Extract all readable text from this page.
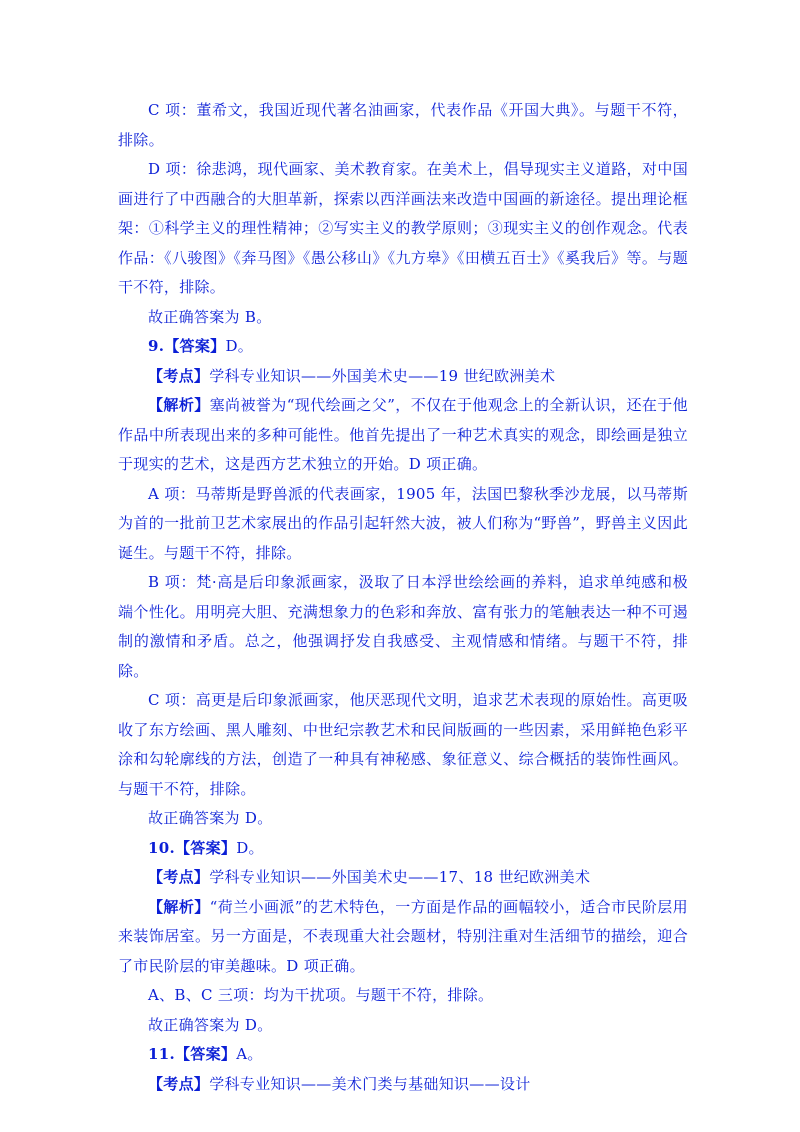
C 项：董希文，我国近现代著名油画家，代表作品《开国大典》。与题干不符，排除。

D 项：徐悲鸿，现代画家、美术教育家。在美术上，倡导现实主义道路，对中国画进行了中西融合的大胆革新，探索以西洋画法来改造中国画的新途径。提出理论框架：①科学主义的理性精神；②写实主义的教学原则；③现实主义的创作观念。代表作品：《八骏图》《奔马图》《愚公移山》《九方皋》《田横五百士》《奚我后》等。与题干不符，排除。

故正确答案为 B。

9.【答案】D。

【考点】学科专业知识——外国美术史——19 世纪欧洲美术

【解析】塞尚被誉为“现代绘画之父”，不仅在于他观念上的全新认识，还在于他作品中所表现出来的多种可能性。他首先提出了一种艺术真实的观念，即绘画是独立于现实的艺术，这是西方艺术独立的开始。D 项正确。

A 项：马蒂斯是野兽派的代表画家，1905 年，法国巴黎秋季沙龙展，以马蒂斯为首的一批前卫艺术家展出的作品引起轩然大波，被人们称为“野兽”，野兽主义因此诞生。与题干不符，排除。

B 项：梵·高是后印象派画家，汲取了日本浮世绘绘画的养料，追求单纯感和极端个性化。用明亮大胆、充满想象力的色彩和奔放、富有张力的笔触表达一种不可遏制的激情和矛盾。总之，他强调抒发自我感受、主观情感和情绪。与题干不符，排除。

C 项：高更是后印象派画家，他厌恶现代文明，追求艺术表现的原始性。高更吸收了东方绘画、黑人雕刻、中世纪宗教艺术和民间版画的一些因素，采用鲜艳色彩平涂和勾轮廓线的方法，创造了一种具有神秘感、象征意义、综合概括的装饰性画风。与题干不符，排除。

故正确答案为 D。

10.【答案】D。

【考点】学科专业知识——外国美术史——17、18 世纪欧洲美术

【解析】“荷兰小画派”的艺术特色，一方面是作品的画幅较小，适合市民阶层用来装饰居室。另一方面是，不表现重大社会题材，特别注重对生活细节的描绘，迎合了市民阶层的审美趣味。D 项正确。

A、B、C 三项：均为干扰项。与题干不符，排除。

故正确答案为 D。

11.【答案】A。

【考点】学科专业知识——美术门类与基础知识——设计
